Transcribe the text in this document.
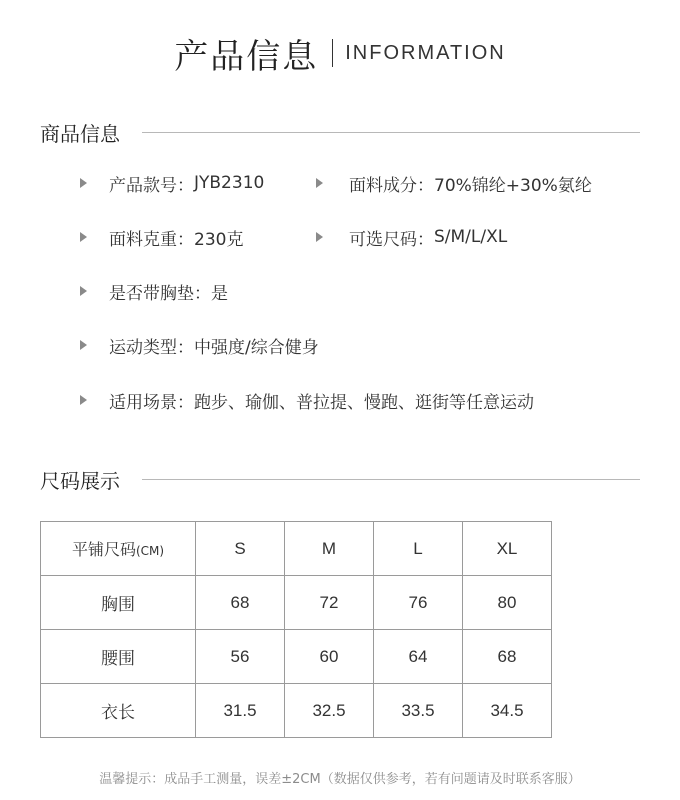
产品信息 INFORMATION
商品信息
产品款号： JYB2310	面料成分： 70%锦纶+30%氨纶
面料克重： 230克	可选尺码： S/M/L/XL
是否带胸垫： 是
运动类型： 中强度/综合健身
适用场景： 跑步、瑜伽、普拉提、慢跑、逛街等任意运动
尺码展示
平铺尺码(CM)	S	M	L	XL
胸围	68	72	76	80
腰围	56	60	64	68
衣长	31.5	32.5	33.5	34.5
温馨提示：成品手工测量，误差±2CM（数据仅供参考，若有问题请及时联系客服）
